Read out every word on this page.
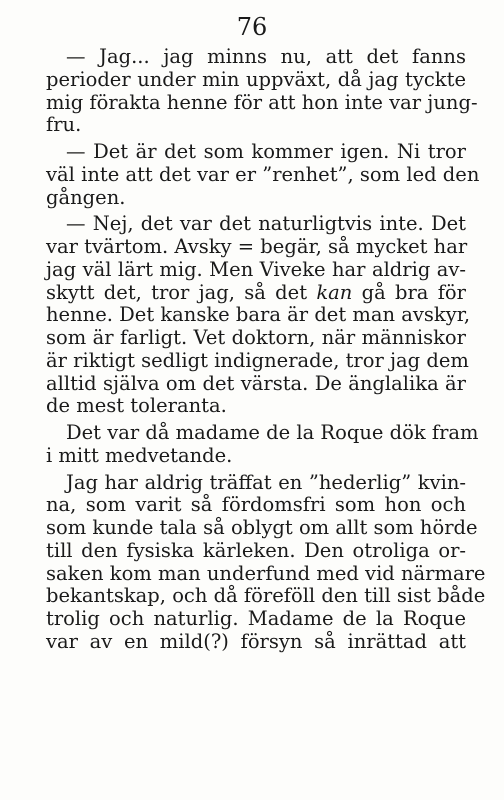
76
— Jag... jag minns nu, att det fanns
perioder under min uppväxt, då jag tyckte
mig förakta henne för att hon inte var jung-
fru.
— Det är det som kommer igen. Ni tror
väl inte att det var er ”renhet”, som led den
gången.
— Nej, det var det naturligtvis inte. Det
var tvärtom. Avsky = begär, så mycket har
jag väl lärt mig. Men Viveke har aldrig av-
skytt det, tror jag, så det kan gå bra för
henne. Det kanske bara är det man avskyr,
som är farligt. Vet doktorn, när människor
är riktigt sedligt indignerade, tror jag dem
alltid själva om det värsta. De änglalika är
de mest toleranta.
Det var då madame de la Roque dök fram
i mitt medvetande.
Jag har aldrig träffat en ”hederlig” kvin-
na, som varit så fördomsfri som hon och
som kunde tala så oblygt om allt som hörde
till den fysiska kärleken. Den otroliga or-
saken kom man underfund med vid närmare
bekantskap, och då föreföll den till sist både
trolig och naturlig. Madame de la Roque
var av en mild(?) försyn så inrättad att
